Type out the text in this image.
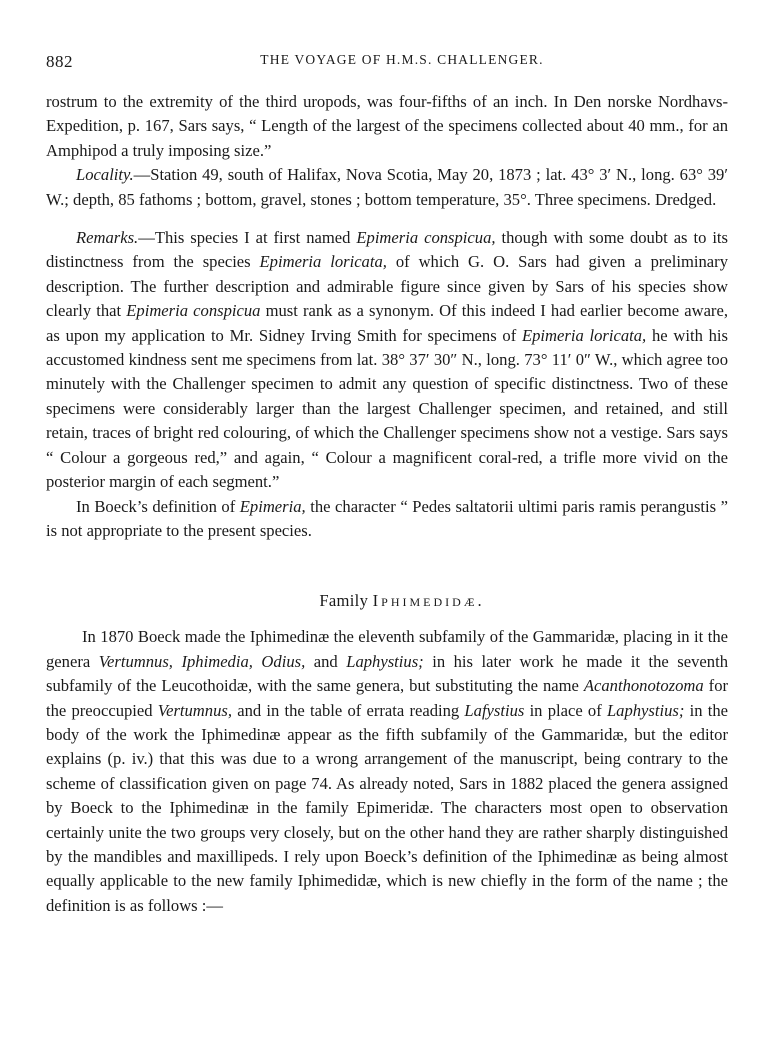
882	THE VOYAGE OF H.M.S. CHALLENGER.

rostrum to the extremity of the third uropods, was four-fifths of an inch. In Den norske Nordhavs-Expedition, p. 167, Sars says, “ Length of the largest of the specimens collected about 40 mm., for an Amphipod a truly imposing size.”

Locality.—Station 49, south of Halifax, Nova Scotia, May 20, 1873 ; lat. 43° 3′ N., long. 63° 39′ W.; depth, 85 fathoms ; bottom, gravel, stones ; bottom temperature, 35°. Three specimens. Dredged.

Remarks.—This species I at first named Epimeria conspicua, though with some doubt as to its distinctness from the species Epimeria loricata, of which G. O. Sars had given a preliminary description. The further description and admirable figure since given by Sars of his species show clearly that Epimeria conspicua must rank as a synonym. Of this indeed I had earlier become aware, as upon my application to Mr. Sidney Irving Smith for specimens of Epimeria loricata, he with his accustomed kindness sent me specimens from lat. 38° 37′ 30″ N., long. 73° 11′ 0″ W., which agree too minutely with the Challenger specimen to admit any question of specific distinctness. Two of these specimens were considerably larger than the largest Challenger specimen, and retained, and still retain, traces of bright red colouring, of which the Challenger specimens show not a vestige. Sars says “ Colour a gorgeous red,” and again, “ Colour a magnificent coral-red, a trifle more vivid on the posterior margin of each segment.”

In Boeck’s definition of Epimeria, the character “ Pedes saltatorii ultimi paris ramis perangustis ” is not appropriate to the present species.

Family Iphimedidæ.

In 1870 Boeck made the Iphimedinæ the eleventh subfamily of the Gammaridæ, placing in it the genera Vertumnus, Iphimedia, Odius, and Laphystius; in his later work he made it the seventh subfamily of the Leucothoidæ, with the same genera, but substituting the name Acanthonotozoma for the preoccupied Vertumnus, and in the table of errata reading Lafystius in place of Laphystius; in the body of the work the Iphimedinæ appear as the fifth subfamily of the Gammaridæ, but the editor explains (p. iv.) that this was due to a wrong arrangement of the manuscript, being contrary to the scheme of classification given on page 74. As already noted, Sars in 1882 placed the genera assigned by Boeck to the Iphimedinæ in the family Epimeridæ. The characters most open to observation certainly unite the two groups very closely, but on the other hand they are rather sharply distinguished by the mandibles and maxillipeds. I rely upon Boeck’s definition of the Iphimedinæ as being almost equally applicable to the new family Iphimedidæ, which is new chiefly in the form of the name ; the definition is as follows :—
